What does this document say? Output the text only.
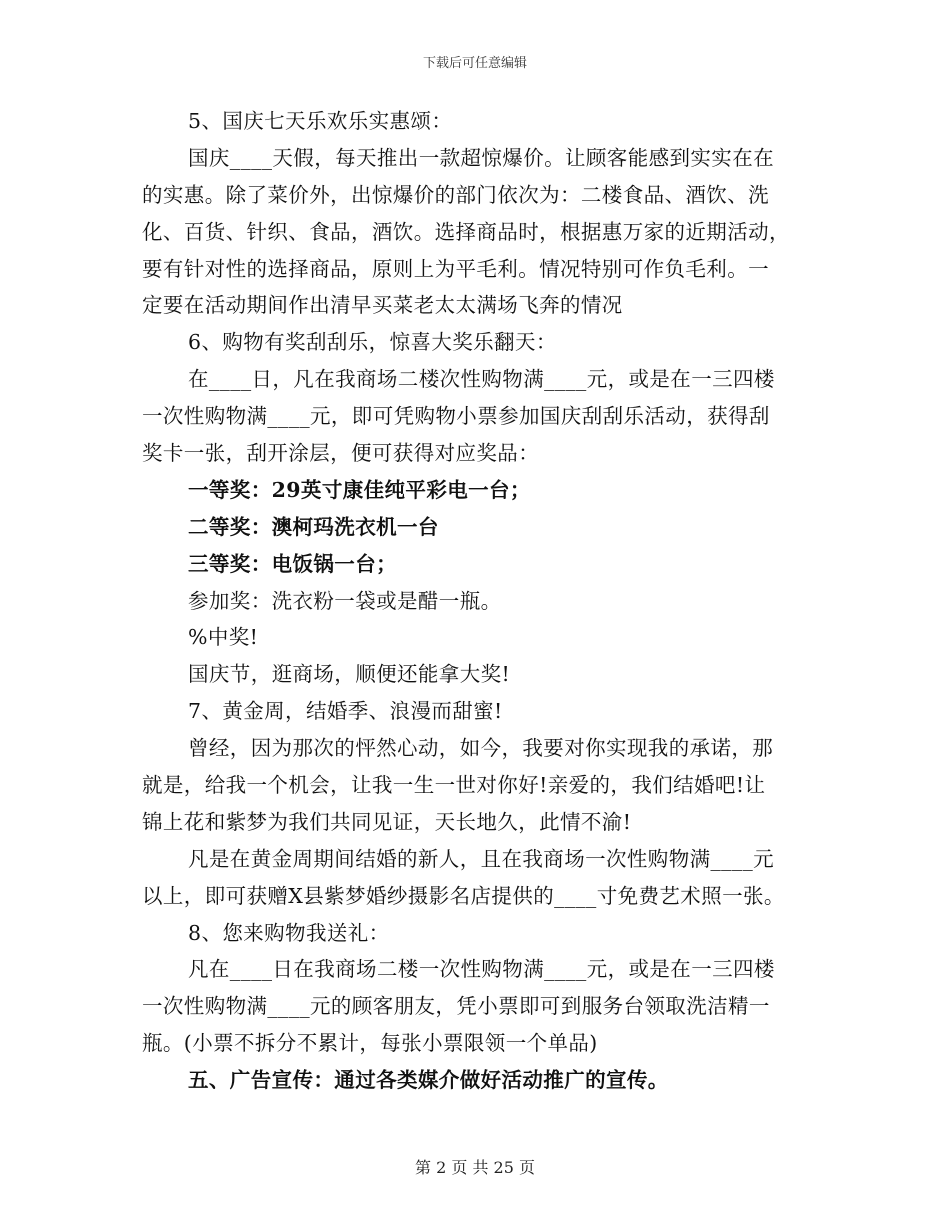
下载后可任意编辑
5、国庆七天乐欢乐实惠颂：
国庆____天假，每天推出一款超惊爆价。让顾客能感到实实在在
的实惠。除了菜价外，出惊爆价的部门依次为：二楼食品、酒饮、洗
化、百货、针织、食品，酒饮。选择商品时，根据惠万家的近期活动，
要有针对性的选择商品，原则上为平毛利。情况特别可作负毛利。一
定要在活动期间作出清早买菜老太太满场飞奔的情况
6、购物有奖刮刮乐，惊喜大奖乐翻天：
在____日，凡在我商场二楼次性购物满____元，或是在一三四楼
一次性购物满____元，即可凭购物小票参加国庆刮刮乐活动，获得刮
奖卡一张，刮开涂层，便可获得对应奖品：
一等奖：29英寸康佳纯平彩电一台；
二等奖：澳柯玛洗衣机一台
三等奖：电饭锅一台；
参加奖：洗衣粉一袋或是醋一瓶。
%中奖!
国庆节，逛商场，顺便还能拿大奖!
7、黄金周，结婚季、浪漫而甜蜜!
曾经，因为那次的怦然心动，如今，我要对你实现我的承诺，那
就是，给我一个机会，让我一生一世对你好!亲爱的，我们结婚吧!让
锦上花和紫梦为我们共同见证，天长地久，此情不渝!
凡是在黄金周期间结婚的新人，且在我商场一次性购物满____元
以上，即可获赠X县紫梦婚纱摄影名店提供的____寸免费艺术照一张。
8、您来购物我送礼：
凡在____日在我商场二楼一次性购物满____元，或是在一三四楼
一次性购物满____元的顾客朋友，凭小票即可到服务台领取洗洁精一
瓶。(小票不拆分不累计，每张小票限领一个单品)
五、广告宣传：通过各类媒介做好活动推广的宣传。
第 2 页 共 25 页
